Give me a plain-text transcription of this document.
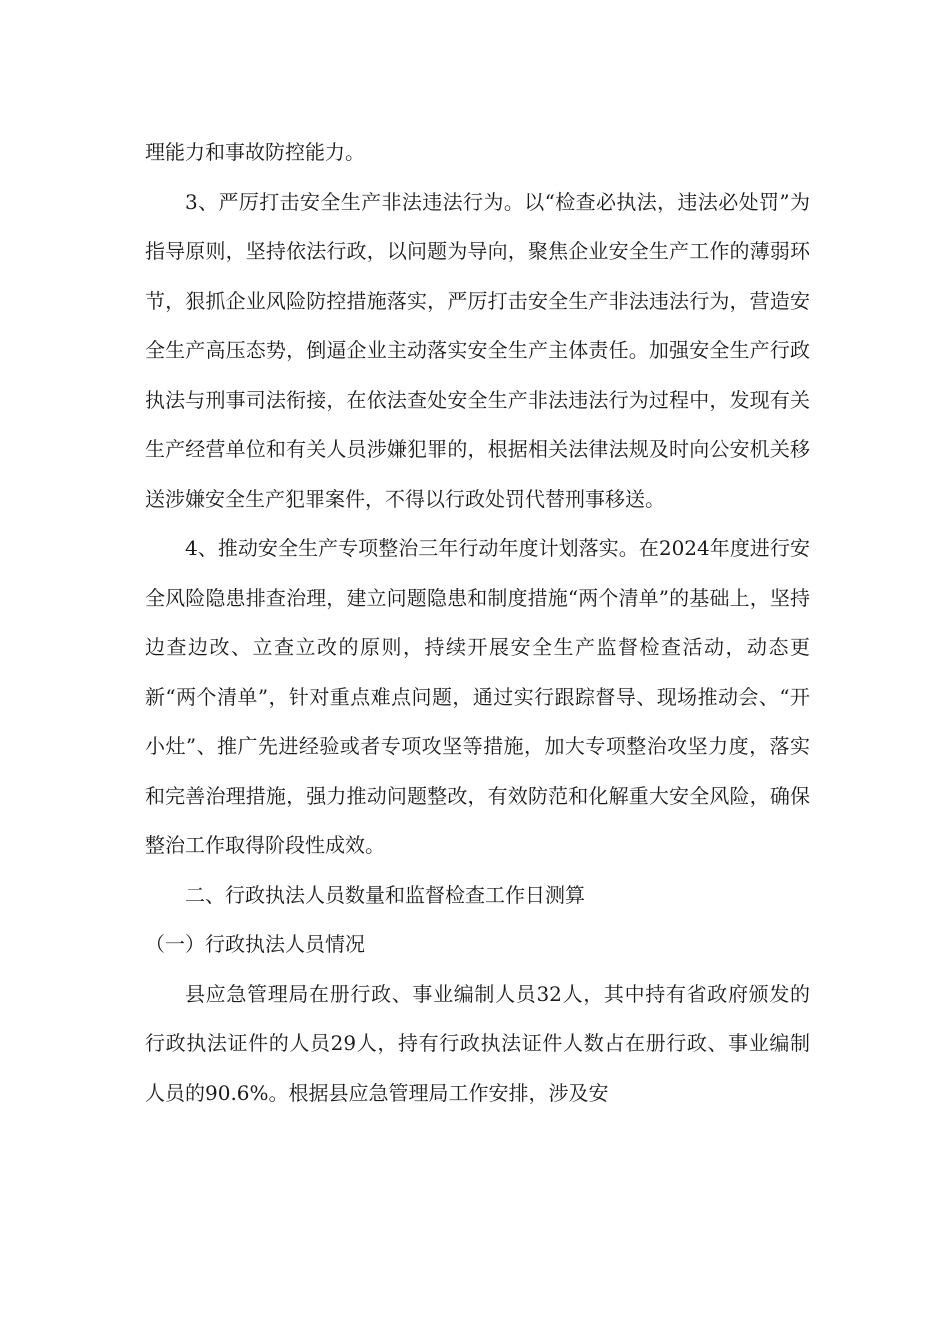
理能力和事故防控能力。

3、严厉打击安全生产非法违法行为。以“检查必执法，违法必处罚”为指导原则，坚持依法行政，以问题为导向，聚焦企业安全生产工作的薄弱环节，狠抓企业风险防控措施落实，严厉打击安全生产非法违法行为，营造安全生产高压态势，倒逼企业主动落实安全生产主体责任。加强安全生产行政执法与刑事司法衔接，在依法查处安全生产非法违法行为过程中，发现有关生产经营单位和有关人员涉嫌犯罪的，根据相关法律法规及时向公安机关移送涉嫌安全生产犯罪案件，不得以行政处罚代替刑事移送。

4、推动安全生产专项整治三年行动年度计划落实。在2024年度进行安全风险隐患排查治理，建立问题隐患和制度措施“两个清单”的基础上，坚持边查边改、立查立改的原则，持续开展安全生产监督检查活动，动态更新“两个清单”，针对重点难点问题，通过实行跟踪督导、现场推动会、“开小灶”、推广先进经验或者专项攻坚等措施，加大专项整治攻坚力度，落实和完善治理措施，强力推动问题整改，有效防范和化解重大安全风险，确保整治工作取得阶段性成效。

二、行政执法人员数量和监督检查工作日测算

（一）行政执法人员情况

县应急管理局在册行政、事业编制人员32人，其中持有省政府颁发的行政执法证件的人员29人，持有行政执法证件人数占在册行政、事业编制人员的90.6%。根据县应急管理局工作安排，涉及安
